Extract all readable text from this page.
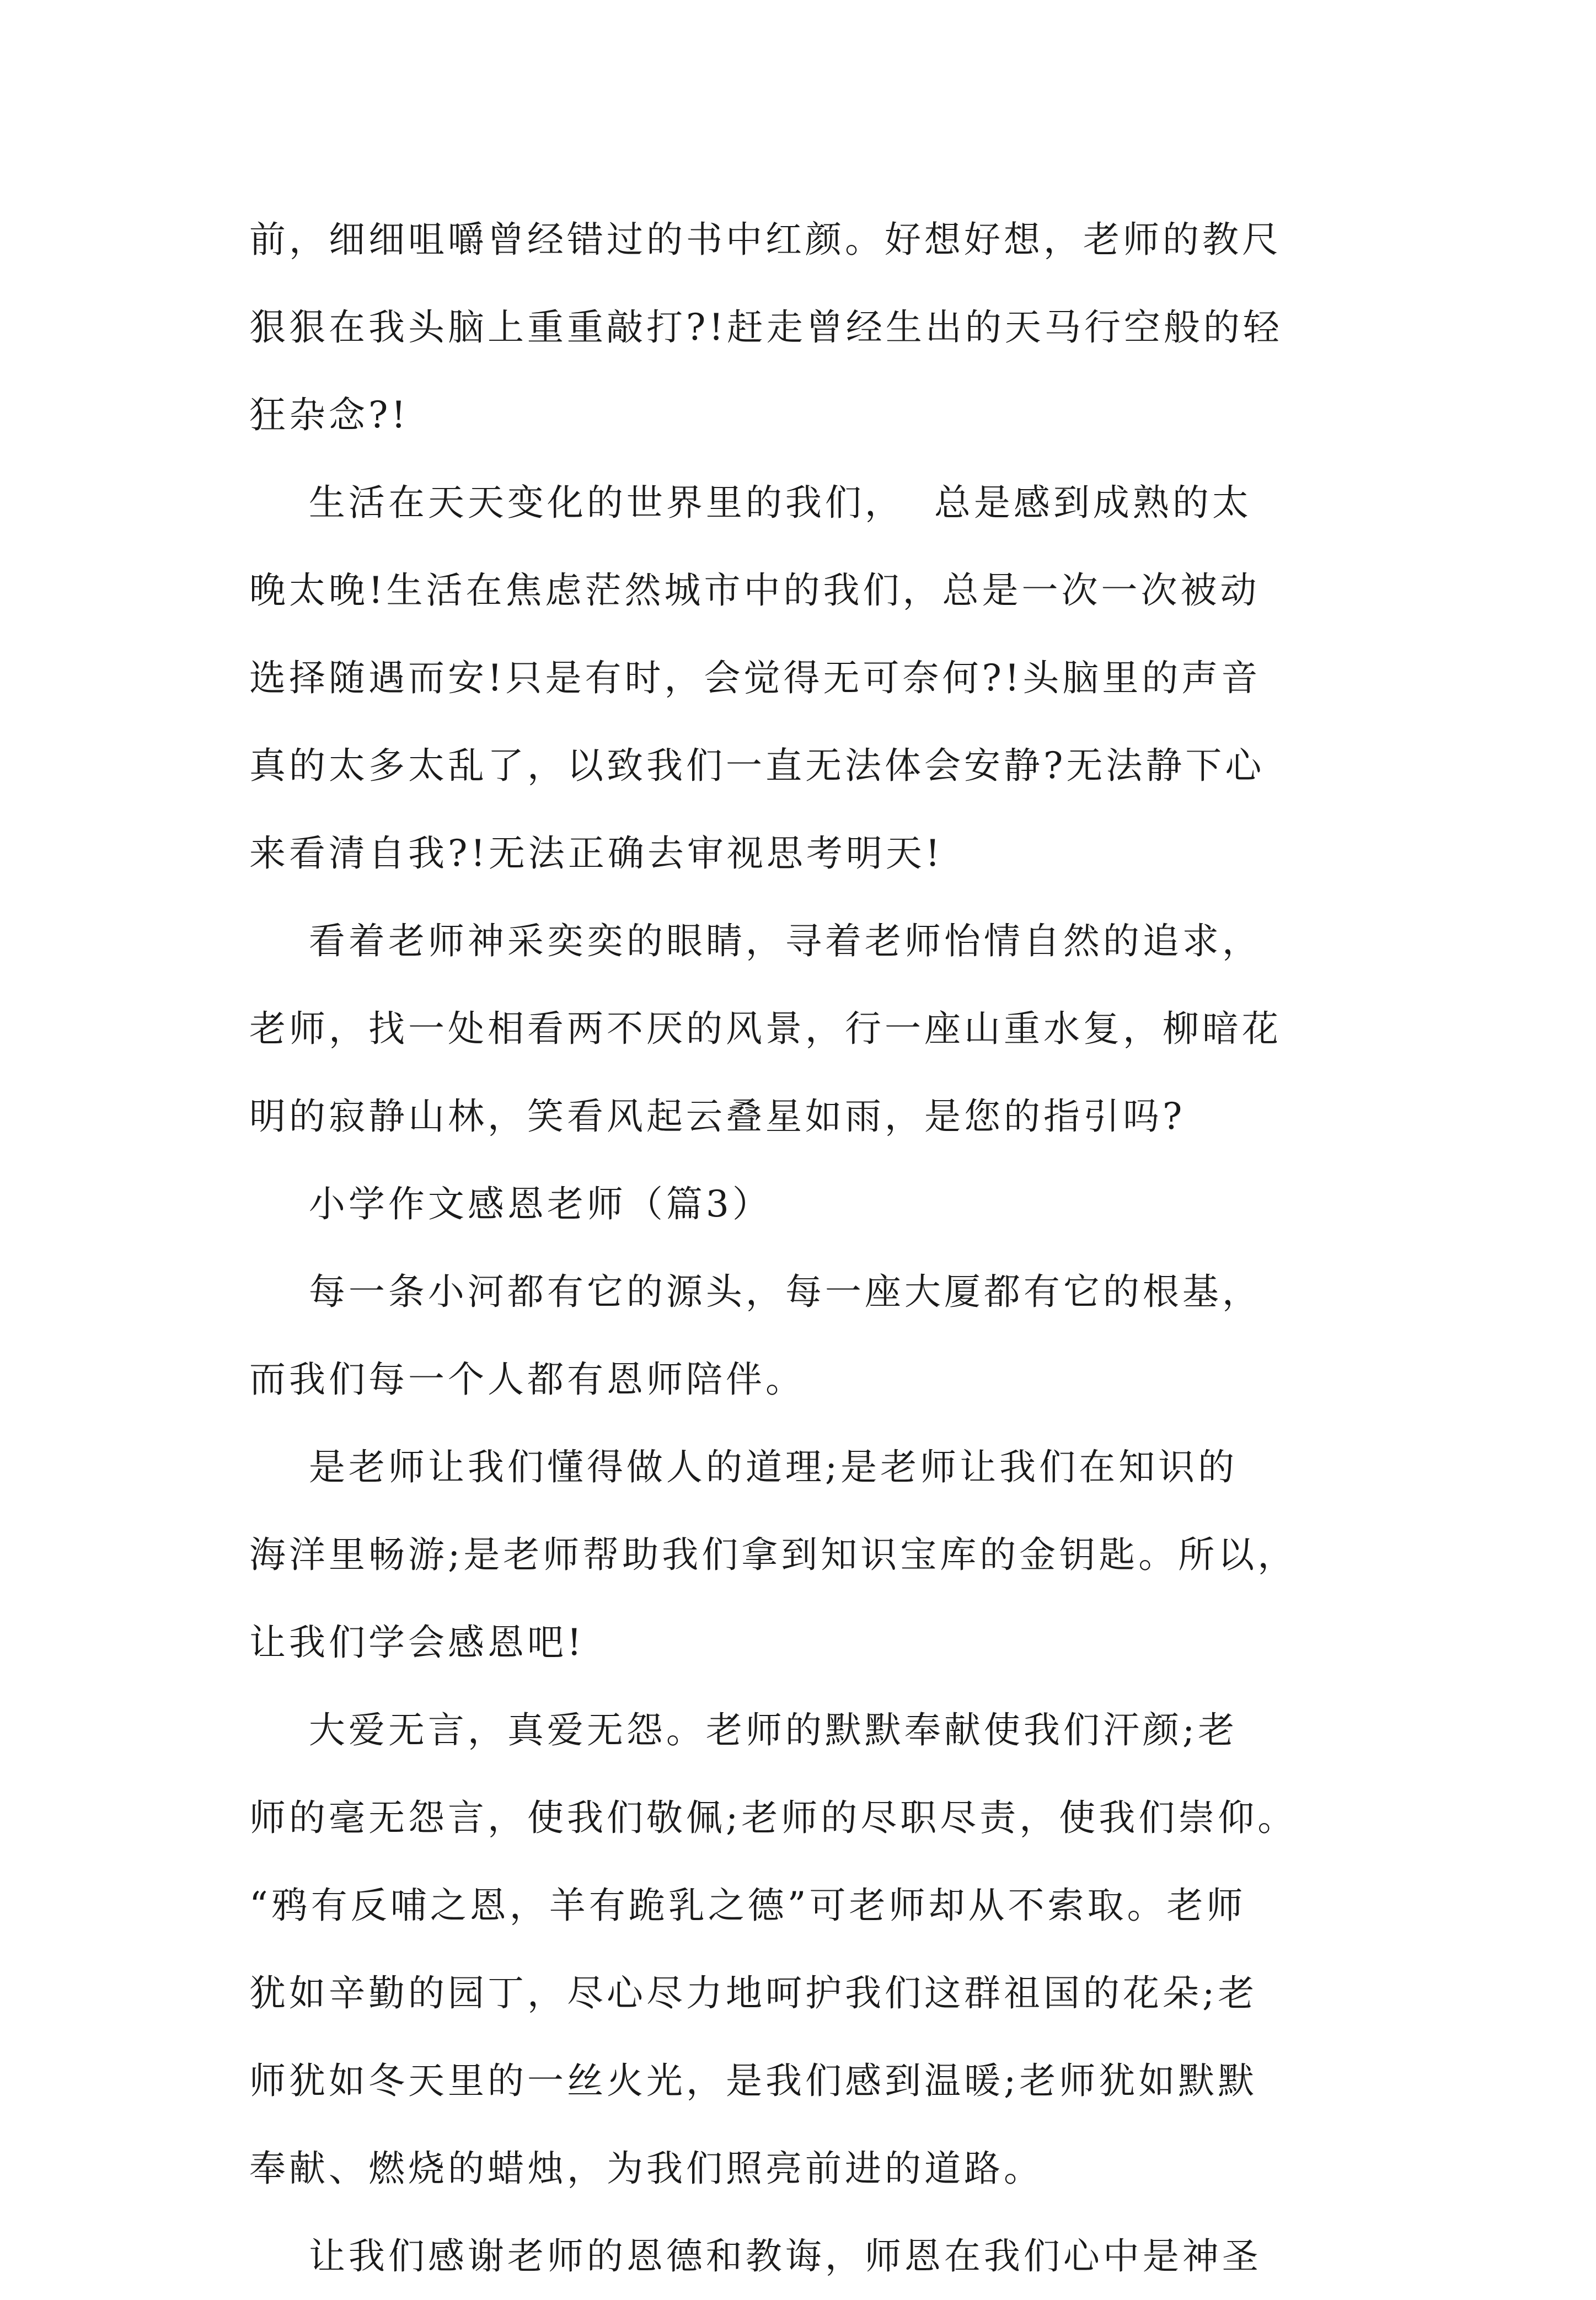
前，细细咀嚼曾经错过的书中红颜。好想好想，老师的教尺
狠狠在我头脑上重重敲打?!赶走曾经生出的天马行空般的轻
狂杂念?!
生活在天天变化的世界里的我们，  总是感到成熟的太
晚太晚!生活在焦虑茫然城市中的我们，总是一次一次被动
选择随遇而安!只是有时，会觉得无可奈何?!头脑里的声音
真的太多太乱了，以致我们一直无法体会安静?无法静下心
来看清自我?!无法正确去审视思考明天!
看着老师神采奕奕的眼睛，寻着老师怡情自然的追求，
老师，找一处相看两不厌的风景，行一座山重水复，柳暗花
明的寂静山林，笑看风起云叠星如雨，是您的指引吗?
小学作文感恩老师（篇3）
每一条小河都有它的源头，每一座大厦都有它的根基，
而我们每一个人都有恩师陪伴。
是老师让我们懂得做人的道理;是老师让我们在知识的
海洋里畅游;是老师帮助我们拿到知识宝库的金钥匙。所以，
让我们学会感恩吧!
大爱无言，真爱无怨。老师的默默奉献使我们汗颜;老
师的毫无怨言，使我们敬佩;老师的尽职尽责，使我们崇仰。
“鸦有反哺之恩，羊有跪乳之德”可老师却从不索取。老师
犹如辛勤的园丁，尽心尽力地呵护我们这群祖国的花朵;老
师犹如冬天里的一丝火光，是我们感到温暖;老师犹如默默
奉献、燃烧的蜡烛，为我们照亮前进的道路。
让我们感谢老师的恩德和教诲，师恩在我们心中是神圣
